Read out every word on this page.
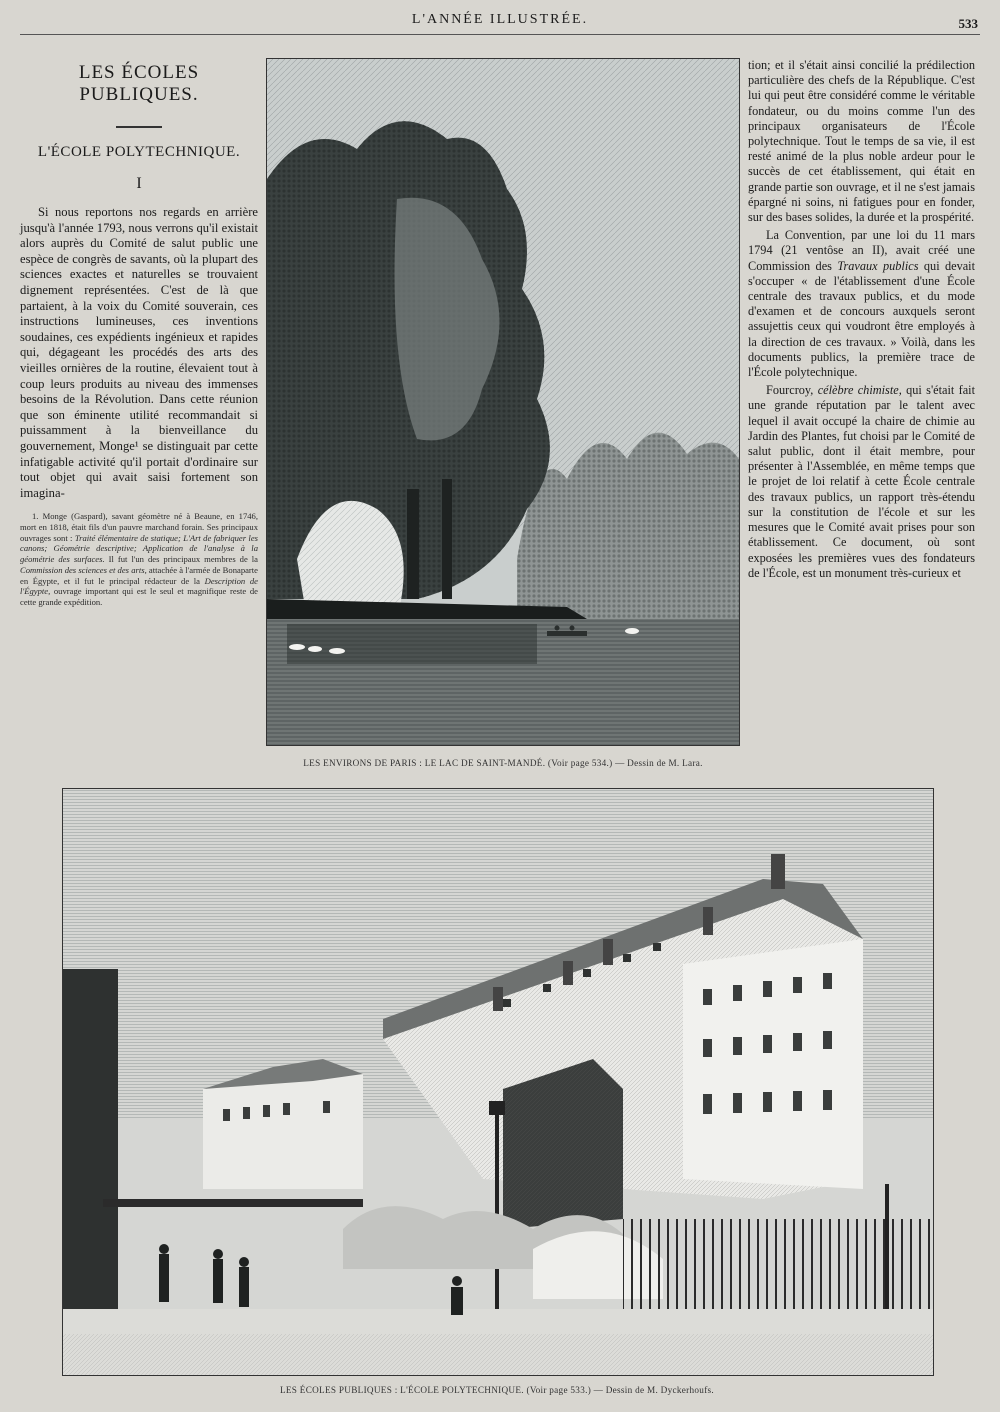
L'ANNÉE ILLUSTRÉE.	533
LES ÉCOLES PUBLIQUES.
L'ÉCOLE POLYTECHNIQUE.
I

Si nous reportons nos regards en arrière jusqu'à l'année 1793, nous verrons qu'il existait alors auprès du Comité de salut public une espèce de congrès de savants, où la plupart des sciences exactes et naturelles se trouvaient dignement représentées. C'est de là que partaient, à la voix du Comité souverain, ces instructions lumineuses, ces inventions soudaines, ces expédients ingénieux et rapides qui, dégageant les procédés des arts des vieilles ornières de la routine, élevaient tout à coup leurs produits au niveau des immenses besoins de la Révolution. Dans cette réunion que son éminente utilité recommandait si puissamment à la bienveillance du gouvernement, Monge¹ se distinguait par cette infatigable activité qu'il portait d'ordinaire sur tout objet qui avait saisi fortement son imagina-

1. Monge (Gaspard), savant géomètre né à Beaune, en 1746, mort en 1818, était fils d'un pauvre marchand forain. Ses principaux ouvrages sont : Traité élémentaire de statique; L'Art de fabriquer les canons; Géométrie descriptive; Application de l'analyse à la géométrie des surfaces. Il fut l'un des principaux membres de la Commission des sciences et des arts, attachée à l'armée de Bonaparte en Égypte, et il fut le principal rédacteur de la Description de l'Égypte, ouvrage important qui est le seul et magnifique reste de cette grande expédition.

LES ENVIRONS DE PARIS : LE LAC DE SAINT-MANDÉ. (Voir page 534.) — Dessin de M. Lara.

tion; et il s'était ainsi concilié la prédilection particulière des chefs de la République. C'est lui qui peut être considéré comme le véritable fondateur, ou du moins comme l'un des principaux organisateurs de l'École polytechnique. Tout le temps de sa vie, il est resté animé de la plus noble ardeur pour le succès de cet établissement, qui était en grande partie son ouvrage, et il ne s'est jamais épargné ni soins, ni fatigues pour en fonder, sur des bases solides, la durée et la prospérité.

La Convention, par une loi du 11 mars 1794 (21 ventôse an II), avait créé une Commission des Travaux publics qui devait s'occuper « de l'établissement d'une École centrale des travaux publics, et du mode d'examen et de concours auxquels seront assujettis ceux qui voudront être employés à la direction de ces travaux. » Voilà, dans les documents publics, la première trace de l'École polytechnique.

Fourcroy, célèbre chimiste, qui s'était fait une grande réputation par le talent avec lequel il avait occupé la chaire de chimie au Jardin des Plantes, fut choisi par le Comité de salut public, dont il était membre, pour présenter à l'Assemblée, en même temps que le projet de loi relatif à cette École centrale des travaux publics, un rapport très-étendu sur la constitution de l'école et sur les mesures que le Comité avait prises pour son établissement. Ce document, où sont exposées les premières vues des fondateurs de l'École, est un monument très-curieux et

LES ÉCOLES PUBLIQUES : L'ÉCOLE POLYTECHNIQUE. (Voir page 533.) — Dessin de M. Dyckerhoufs.
